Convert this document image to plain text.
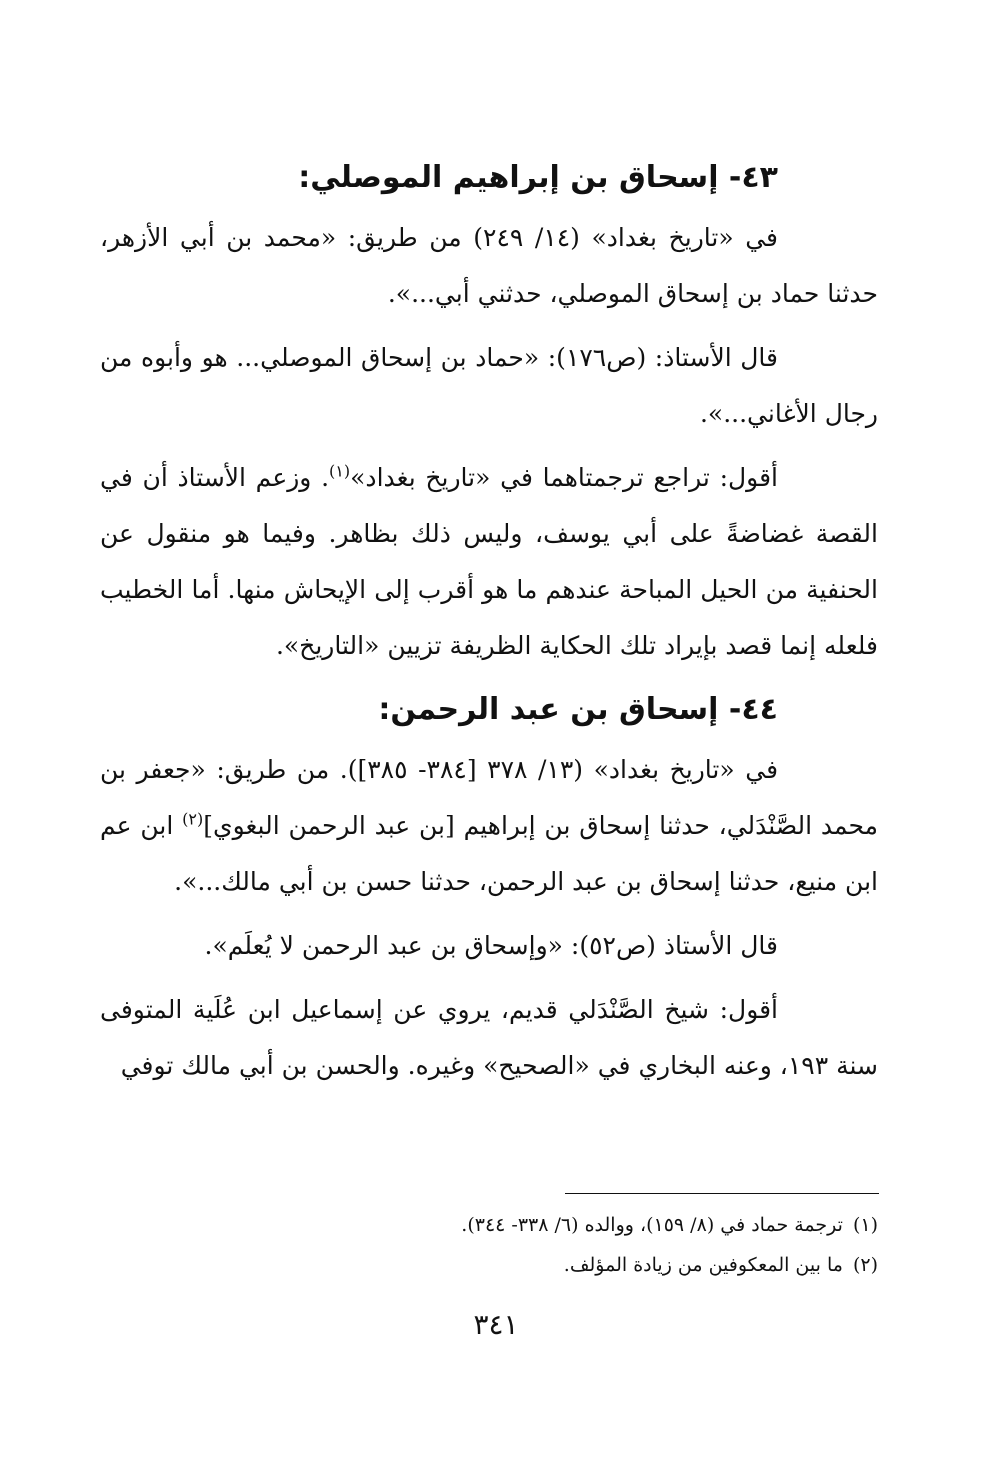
٤٣- إسحاق بن إبراهيم الموصلي:

في «تاريخ بغداد» (١٤/ ٢٤٩) من طريق: «محمد بن أبي الأزهر، حدثنا حماد بن إسحاق الموصلي، حدثني أبي...».

قال الأستاذ: (ص١٧٦): «حماد بن إسحاق الموصلي... هو وأبوه من رجال الأغاني...».

أقول: تراجع ترجمتاهما في «تاريخ بغداد»$^{(١)}$. وزعم الأستاذ أن في القصة غضاضةً على أبي يوسف، وليس ذلك بظاهر. وفيما هو منقول عن الحنفية من الحيل المباحة عندهم ما هو أقرب إلى الإيحاش منها. أما الخطيب فلعله إنما قصد بإيراد تلك الحكاية الظريفة تزيين «التاريخ».

٤٤- إسحاق بن عبد الرحمن:

في «تاريخ بغداد» (١٣/ ٣٧٨ [٣٨٤- ٣٨٥]). من طريق: «جعفر بن محمد الصَّنْدَلي، حدثنا إسحاق بن إبراهيم [بن عبد الرحمن البغوي]$^{(٢)}$ ابن عم ابن منيع، حدثنا إسحاق بن عبد الرحمن، حدثنا حسن بن أبي مالك...».

قال الأستاذ (ص٥٢): «وإسحاق بن عبد الرحمن لا يُعلَم».

أقول: شيخ الصَّنْدَلي قديم، يروي عن إسماعيل ابن عُلَية المتوفى سنة ١٩٣، وعنه البخاري في «الصحيح» وغيره. والحسن بن أبي مالك توفي

(١)ترجمة حماد في (٨/ ١٥٩)، ووالده (٦/ ٣٣٨- ٣٤٤).

(٢)ما بين المعكوفين من زيادة المؤلف.

٣٤١
